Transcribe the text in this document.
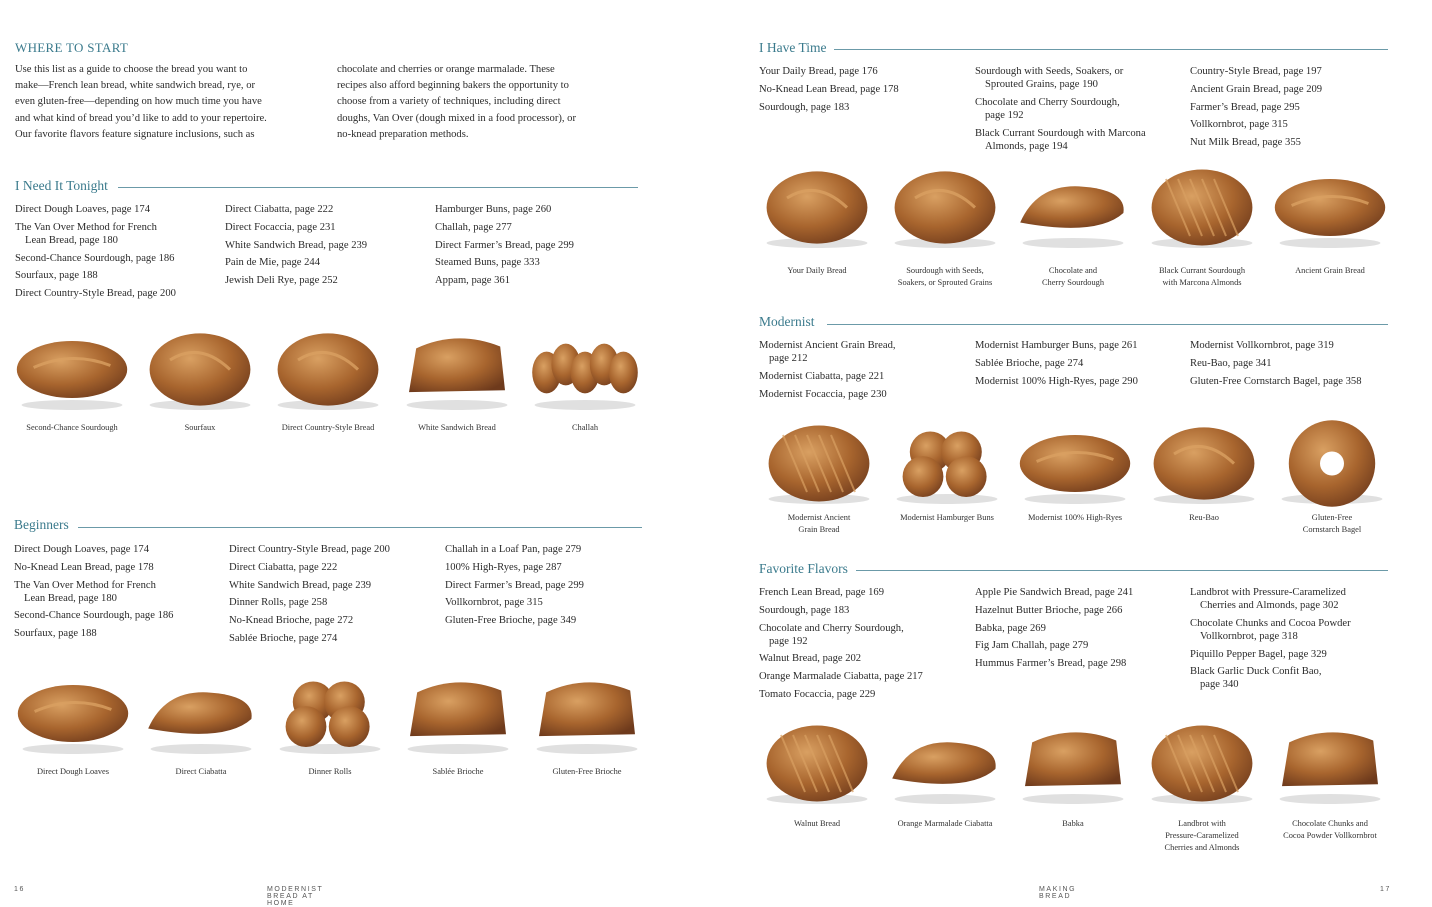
WHERE TO START
Use this list as a guide to choose the bread you want to
make—French lean bread, white sandwich bread, rye, or
even gluten-free—depending on how much time you have
and what kind of bread you’d like to add to your repertoire.
Our favorite flavors feature signature inclusions, such as
chocolate and cherries or orange marmalade. These
recipes also afford beginning bakers the opportunity to
choose from a variety of techniques, including direct
doughs, Van Over (dough mixed in a food processor), or
no-knead preparation methods.
I Need It Tonight
Direct Dough Loaves, page 174
The Van Over Method for French
Lean Bread, page 180
Second-Chance Sourdough, page 186
Sourfaux, page 188
Direct Country-Style Bread, page 200
Direct Ciabatta, page 222
Direct Focaccia, page 231
White Sandwich Bread, page 239
Pain de Mie, page 244
Jewish Deli Rye, page 252
Hamburger Buns, page 260
Challah, page 277
Direct Farmer’s Bread, page 299
Steamed Buns, page 333
Appam, page 361
Beginners
Direct Dough Loaves, page 174
No-Knead Lean Bread, page 178
The Van Over Method for French
Lean Bread, page 180
Second-Chance Sourdough, page 186
Sourfaux, page 188
Direct Country-Style Bread, page 200
Direct Ciabatta, page 222
White Sandwich Bread, page 239
Dinner Rolls, page 258
No-Knead Brioche, page 272
Sablée Brioche, page 274
Challah in a Loaf Pan, page 279
100% High-Ryes, page 287
Direct Farmer’s Bread, page 299
Vollkornbrot, page 315
Gluten-Free Brioche, page 349
16	MODERNIST BREAD AT HOME
I Have Time
Your Daily Bread, page 176
No-Knead Lean Bread, page 178
Sourdough, page 183
Sourdough with Seeds, Soakers, or
Sprouted Grains, page 190
Chocolate and Cherry Sourdough,
page 192
Black Currant Sourdough with Marcona
Almonds, page 194
Country-Style Bread, page 197
Ancient Grain Bread, page 209
Farmer’s Bread, page 295
Vollkornbrot, page 315
Nut Milk Bread, page 355
Modernist
Modernist Ancient Grain Bread,
page 212
Modernist Ciabatta, page 221
Modernist Focaccia, page 230
Modernist Hamburger Buns, page 261
Sablée Brioche, page 274
Modernist 100% High-Ryes, page 290
Modernist Vollkornbrot, page 319
Reu-Bao, page 341
Gluten-Free Cornstarch Bagel, page 358
Favorite Flavors
French Lean Bread, page 169
Sourdough, page 183
Chocolate and Cherry Sourdough,
page 192
Walnut Bread, page 202
Orange Marmalade Ciabatta, page 217
Tomato Focaccia, page 229
Apple Pie Sandwich Bread, page 241
Hazelnut Butter Brioche, page 266
Babka, page 269
Fig Jam Challah, page 279
Hummus Farmer’s Bread, page 298
Landbrot with Pressure-Caramelized
Cherries and Almonds, page 302
Chocolate Chunks and Cocoa Powder
Vollkornbrot, page 318
Piquillo Pepper Bagel, page 329
Black Garlic Duck Confit Bao,
page 340
MAKING BREAD
17
Second-Chance Sourdough	Sourfaux	Direct Country-Style Bread	White Sandwich Bread	Challah
Direct Dough Loaves	Direct Ciabatta	Dinner Rolls	Sablée Brioche	Gluten-Free Brioche
Your Daily Bread	Sourdough with Seeds,
Soakers, or Sprouted Grains
Chocolate and
Cherry Sourdough
Black Currant Sourdough
with Marcona Almonds
Ancient Grain Bread
Modernist Ancient
Grain Bread
Modernist Hamburger Buns	Modernist 100% High-Ryes	Reu-Bao	Gluten-Free
Cornstarch Bagel
Walnut Bread	Orange Marmalade Ciabatta	Babka	Landbrot with
Pressure-Caramelized
Cherries and Almonds
Chocolate Chunks and
Cocoa Powder Vollkornbrot
